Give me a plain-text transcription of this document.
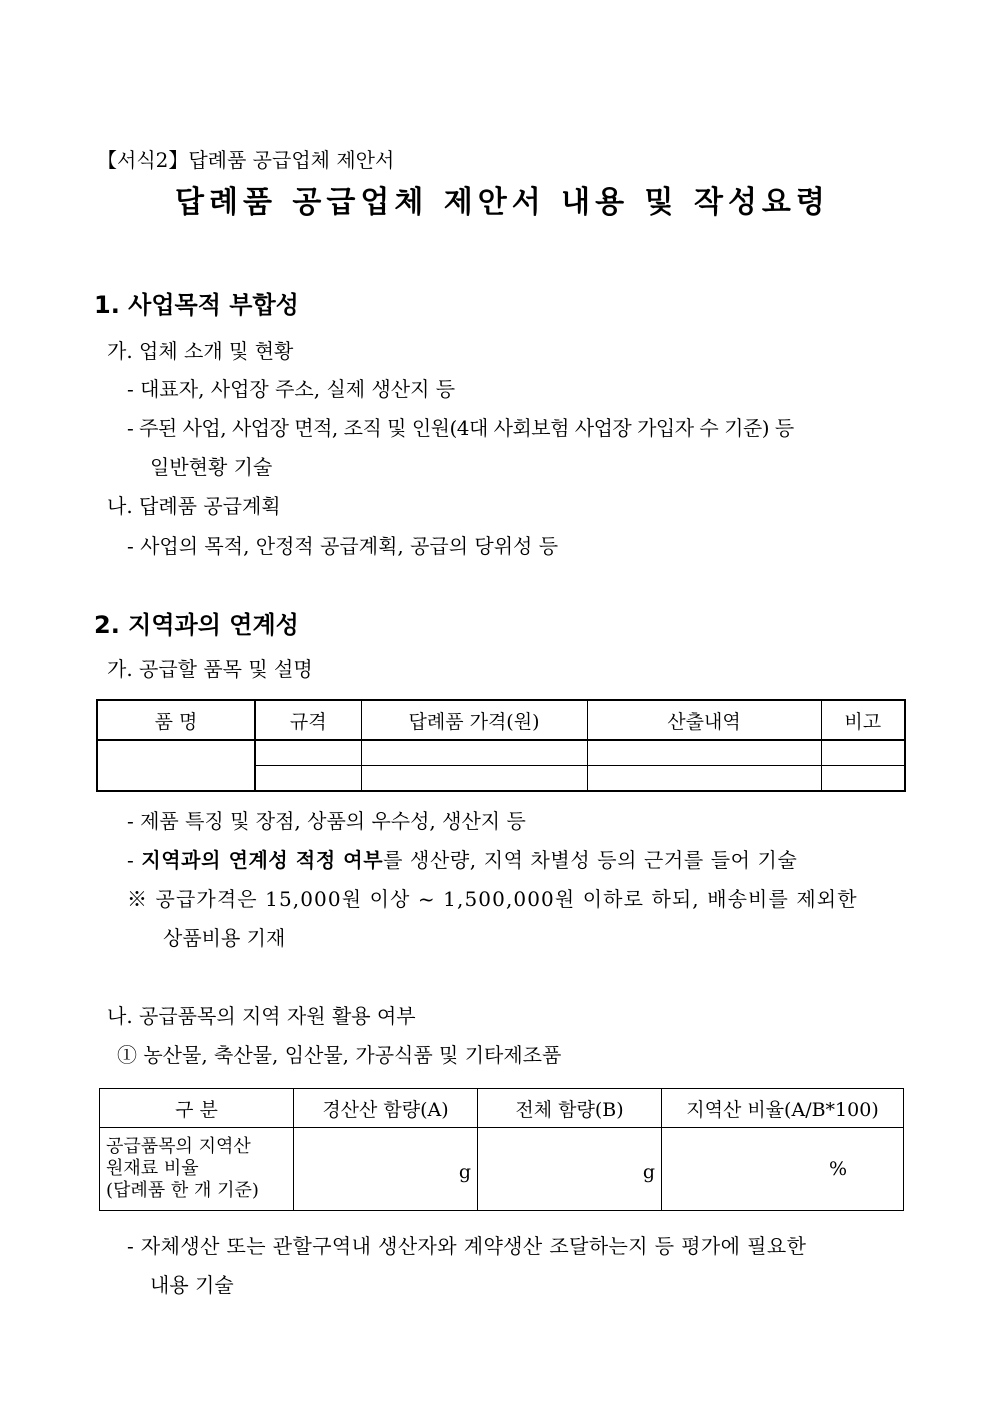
【서식2】답례품 공급업체 제안서
답례품 공급업체 제안서 내용 및 작성요령
1. 사업목적 부합성
가. 업체 소개 및 현황
- 대표자, 사업장 주소, 실제 생산지 등
- 주된 사업, 사업장 면적, 조직 및 인원(4대 사회보험 사업장 가입자 수 기준) 등
일반현황 기술
나. 답례품 공급계획
- 사업의 목적, 안정적 공급계획, 공급의 당위성 등
2. 지역과의 연계성
가. 공급할 품목 및 설명
품 명	규격	답례품 가격(원)	산출내역	비고

- 제품 특징 및 장점, 상품의 우수성, 생산지 등
- 지역과의 연계성 적정 여부를 생산량, 지역 차별성 등의 근거를 들어 기술
※ 공급가격은 15,000원 이상 ~ 1,500,000원 이하로 하되, 배송비를 제외한
상품비용 기재
나. 공급품목의 지역 자원 활용 여부
① 농산물, 축산물, 임산물, 가공식품 및 기타제조품
구 분	경산산 함량(A)	전체 함량(B)	지역산 비율(A/B*100)
공급품목의 지역산
원재료 비율
(답례품 한 개 기준)	g	g	%
- 자체생산 또는 관할구역내 생산자와 계약생산 조달하는지 등 평가에 필요한
내용 기술
